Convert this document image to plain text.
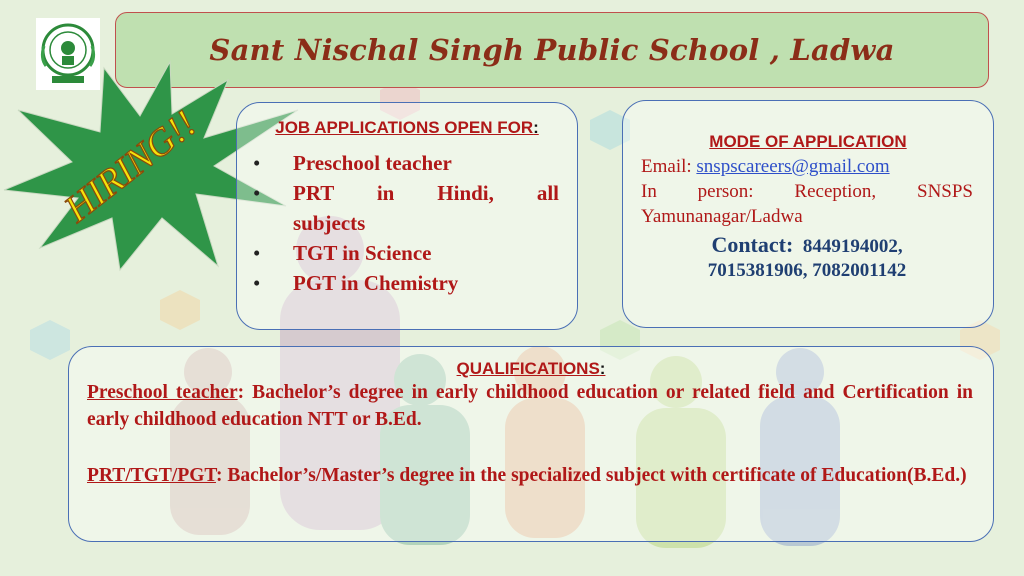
Sant Nischal Singh Public School , Ladwa
HIRING!!	JOB APPLICATIONS OPEN FOR:
• Preschool teacher
• PRT in Hindi, all
subjects
• TGT in Science
• PGT in Chemistry
MODE OF APPLICATION
Email: snspscareers@gmail.com
In person: Reception, SNSPS
Yamunanagar/Ladwa
Contact: 8449194002,
7015381906, 7082001142
QUALIFICATIONS:
Preschool teacher: Bachelor’s degree in early childhood education or related field and Certification in early childhood education NTT or B.Ed.
PRT/TGT/PGT: Bachelor’s/Master’s degree in the specialized subject with certificate of Education(B.Ed.)
